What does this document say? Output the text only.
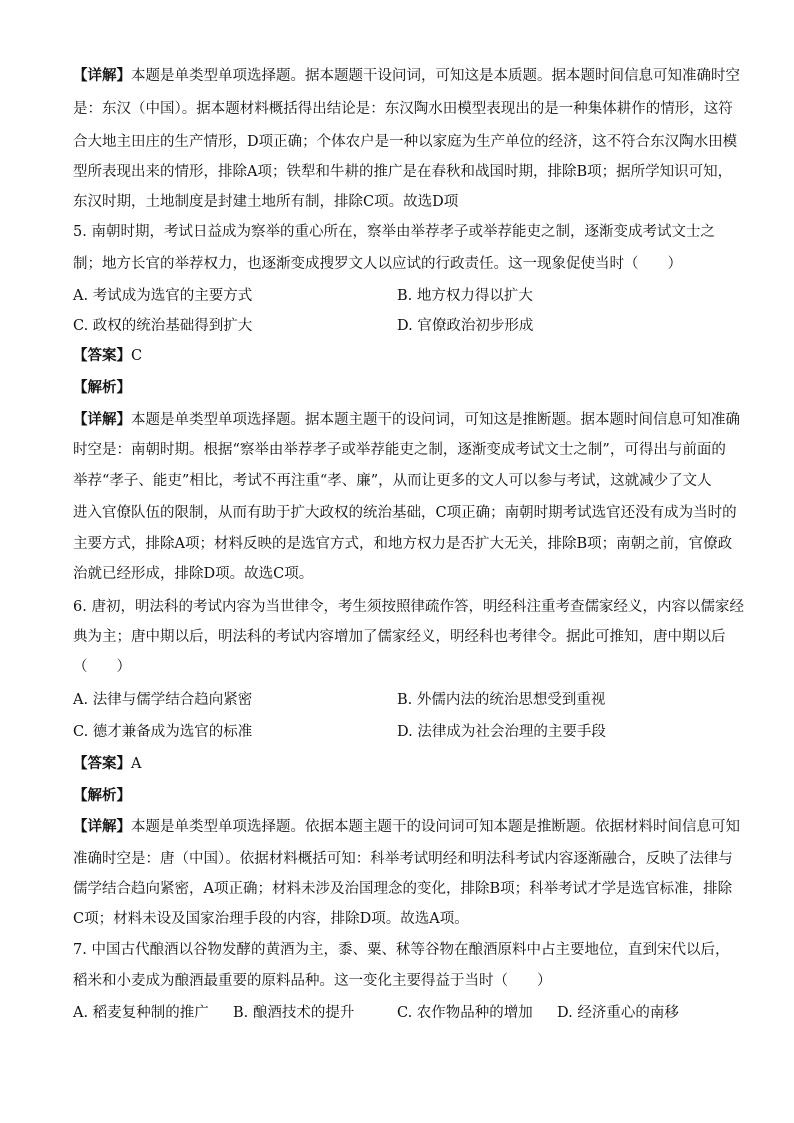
【详解】本题是单类型单项选择题。据本题题干设问词，可知这是本质题。据本题时间信息可知准确时空
是：东汉（中国）。据本题材料概括得出结论是：东汉陶水田模型表现出的是一种集体耕作的情形，这符
合大地主田庄的生产情形，D项正确；个体农户是一种以家庭为生产单位的经济，这不符合东汉陶水田模
型所表现出来的情形，排除A项；铁犁和牛耕的推广是在春秋和战国时期，排除B项；据所学知识可知，
东汉时期，土地制度是封建土地所有制，排除C项。故选D项
5. 南朝时期，考试日益成为察举的重心所在，察举由举荐孝子或举荐能吏之制，逐渐变成考试文士之
制；地方长官的举荐权力，也逐渐变成搜罗文人以应试的行政责任。这一现象促使当时（　　）
A. 考试成为选官的主要方式	B. 地方权力得以扩大
C. 政权的统治基础得到扩大	D. 官僚政治初步形成
【答案】C
【解析】
【详解】本题是单类型单项选择题。据本题主题干的设问词，可知这是推断题。据本题时间信息可知准确
时空是：南朝时期。根据“察举由举荐孝子或举荐能吏之制，逐渐变成考试文士之制”，可得出与前面的
举荐“孝子、能吏”相比，考试不再注重“孝、廉”，从而让更多的文人可以参与考试，这就减少了文人
进入官僚队伍的限制，从而有助于扩大政权的统治基础，C项正确；南朝时期考试选官还没有成为当时的
主要方式，排除A项；材料反映的是选官方式，和地方权力是否扩大无关，排除B项；南朝之前，官僚政
治就已经形成，排除D项。故选C项。
6. 唐初，明法科的考试内容为当世律令，考生须按照律疏作答，明经科注重考查儒家经义，内容以儒家经
典为主；唐中期以后，明法科的考试内容增加了儒家经义，明经科也考律令。据此可推知，唐中期以后
（　　）
A. 法律与儒学结合趋向紧密	B. 外儒内法的统治思想受到重视
C. 德才兼备成为选官的标准	D. 法律成为社会治理的主要手段
【答案】A
【解析】
【详解】本题是单类型单项选择题。依据本题主题干的设问词可知本题是推断题。依据材料时间信息可知
准确时空是：唐（中国）。依据材料概括可知：科举考试明经和明法科考试内容逐渐融合，反映了法律与
儒学结合趋向紧密，A项正确；材料未涉及治国理念的变化，排除B项；科举考试才学是选官标准，排除
C项；材料未设及国家治理手段的内容，排除D项。故选A项。
7. 中国古代酿酒以谷物发酵的黄酒为主，黍、粟、秫等谷物在酿酒原料中占主要地位，直到宋代以后，
稻米和小麦成为酿酒最重要的原料品种。这一变化主要得益于当时（　　）
A. 稻麦复种制的推广 B. 酿酒技术的提升	C. 农作物品种的增加 D. 经济重心的南移
